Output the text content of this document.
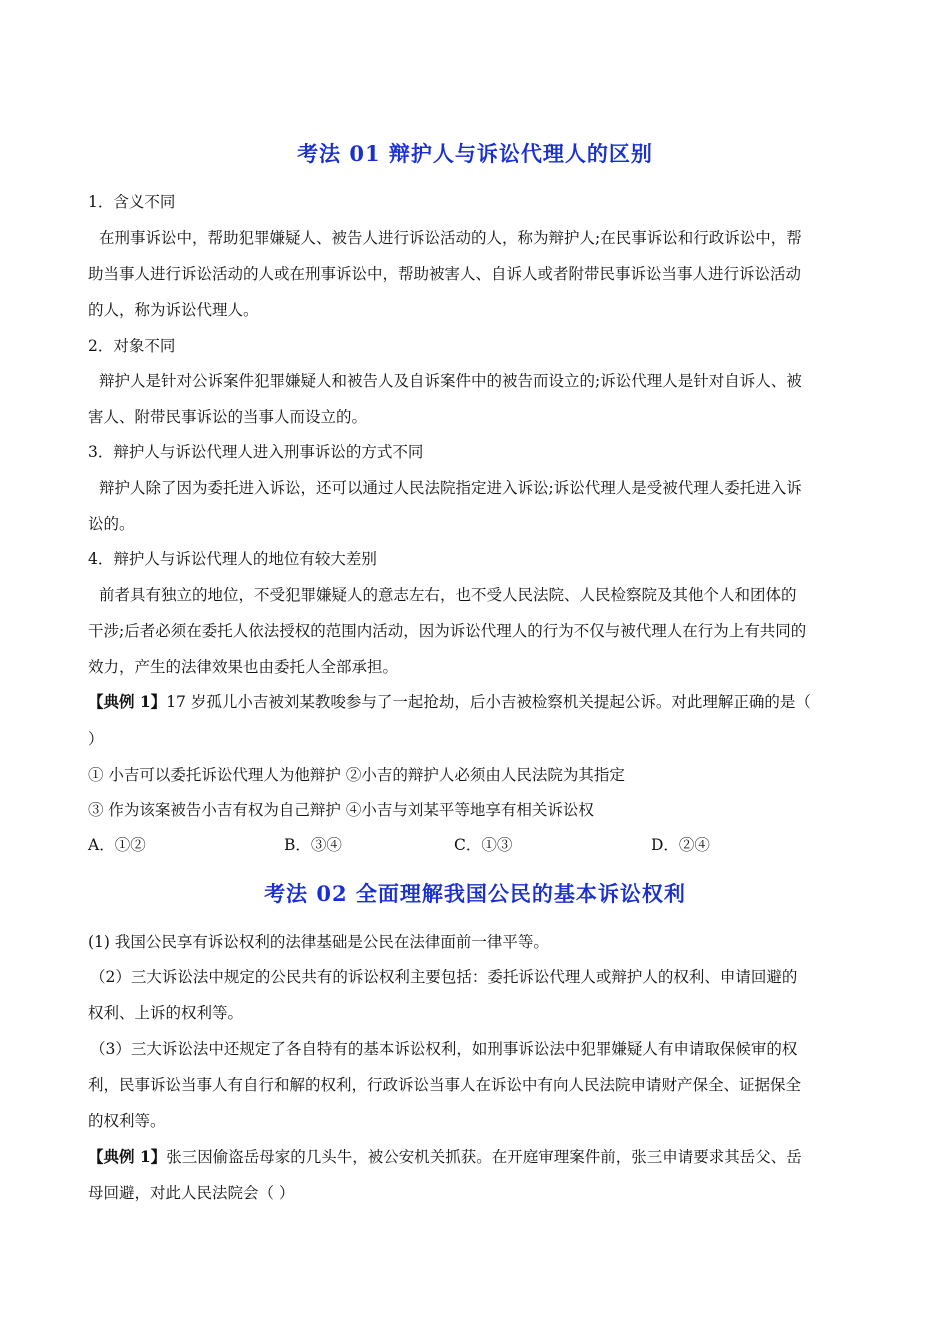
考法 01 辩护人与诉讼代理人的区别
1．含义不同
在刑事诉讼中，帮助犯罪嫌疑人、被告人进行诉讼活动的人，称为辩护人;在民事诉讼和行政诉讼中，帮
助当事人进行诉讼活动的人或在刑事诉讼中，帮助被害人、自诉人或者附带民事诉讼当事人进行诉讼活动
的人，称为诉讼代理人。
2．对象不同
辩护人是针对公诉案件犯罪嫌疑人和被告人及自诉案件中的被告而设立的;诉讼代理人是针对自诉人、被
害人、附带民事诉讼的当事人而设立的。
3．辩护人与诉讼代理人进入刑事诉讼的方式不同
辩护人除了因为委托进入诉讼，还可以通过人民法院指定进入诉讼;诉讼代理人是受被代理人委托进入诉
讼的。
4．辩护人与诉讼代理人的地位有较大差别
前者具有独立的地位，不受犯罪嫌疑人的意志左右，也不受人民法院、人民检察院及其他个人和团体的
干涉;后者必须在委托人依法授权的范围内活动，因为诉讼代理人的行为不仅与被代理人在行为上有共同的
效力，产生的法律效果也由委托人全部承担。
【典例 1】17 岁孤儿小吉被刘某教唆参与了一起抢劫，后小吉被检察机关提起公诉。对此理解正确的是（
）
① 小吉可以委托诉讼代理人为他辩护 ②小吉的辩护人必须由人民法院为其指定
③ 作为该案被告小吉有权为自己辩护 ④小吉与刘某平等地享有相关诉讼权
A．①②	B．③④	C．①③	D．②④
考法 02 全面理解我国公民的基本诉讼权利
(1) 我国公民享有诉讼权利的法律基础是公民在法律面前一律平等。
（2）三大诉讼法中规定的公民共有的诉讼权利主要包括：委托诉讼代理人或辩护人的权利、申请回避的
权利、上诉的权利等。
（3）三大诉讼法中还规定了各自特有的基本诉讼权利，如刑事诉讼法中犯罪嫌疑人有申请取保候审的权
利，民事诉讼当事人有自行和解的权利，行政诉讼当事人在诉讼中有向人民法院申请财产保全、证据保全
的权利等。
【典例 1】张三因偷盗岳母家的几头牛，被公安机关抓获。在开庭审理案件前，张三申请要求其岳父、岳
母回避，对此人民法院会（ ）
